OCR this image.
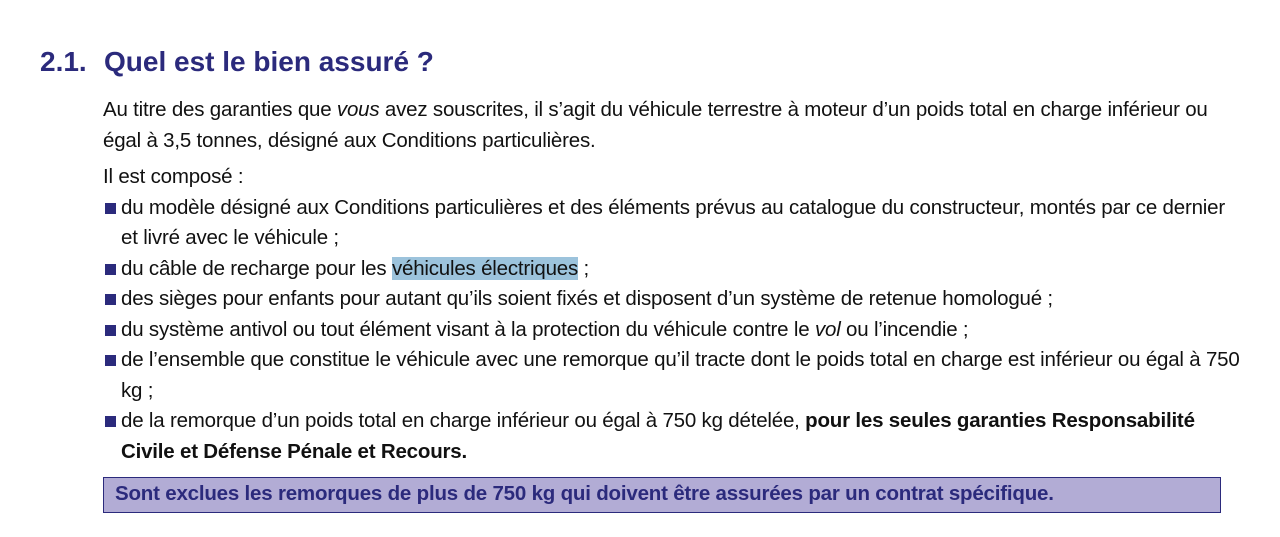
2.1. Quel est le bien assuré ?

Au titre des garanties que vous avez souscrites, il s’agit du véhicule terrestre à moteur d’un poids total en charge inférieur ou égal à 3,5 tonnes, désigné aux Conditions particulières.

Il est composé :

du modèle désigné aux Conditions particulières et des éléments prévus au catalogue du constructeur, montés par ce dernier et livré avec le véhicule ;
du câble de recharge pour les véhicules électriques ;
des sièges pour enfants pour autant qu’ils soient fixés et disposent d’un système de retenue homologué ;
du système antivol ou tout élément visant à la protection du véhicule contre le vol ou l’incendie ;
de l’ensemble que constitue le véhicule avec une remorque qu’il tracte dont le poids total en charge est inférieur ou égal à 750 kg ;
de la remorque d’un poids total en charge inférieur ou égal à 750 kg dételée, pour les seules garanties Responsabilité Civile et Défense Pénale et Recours.
Sont exclues les remorques de plus de 750 kg qui doivent être assurées par un contrat spécifique.
